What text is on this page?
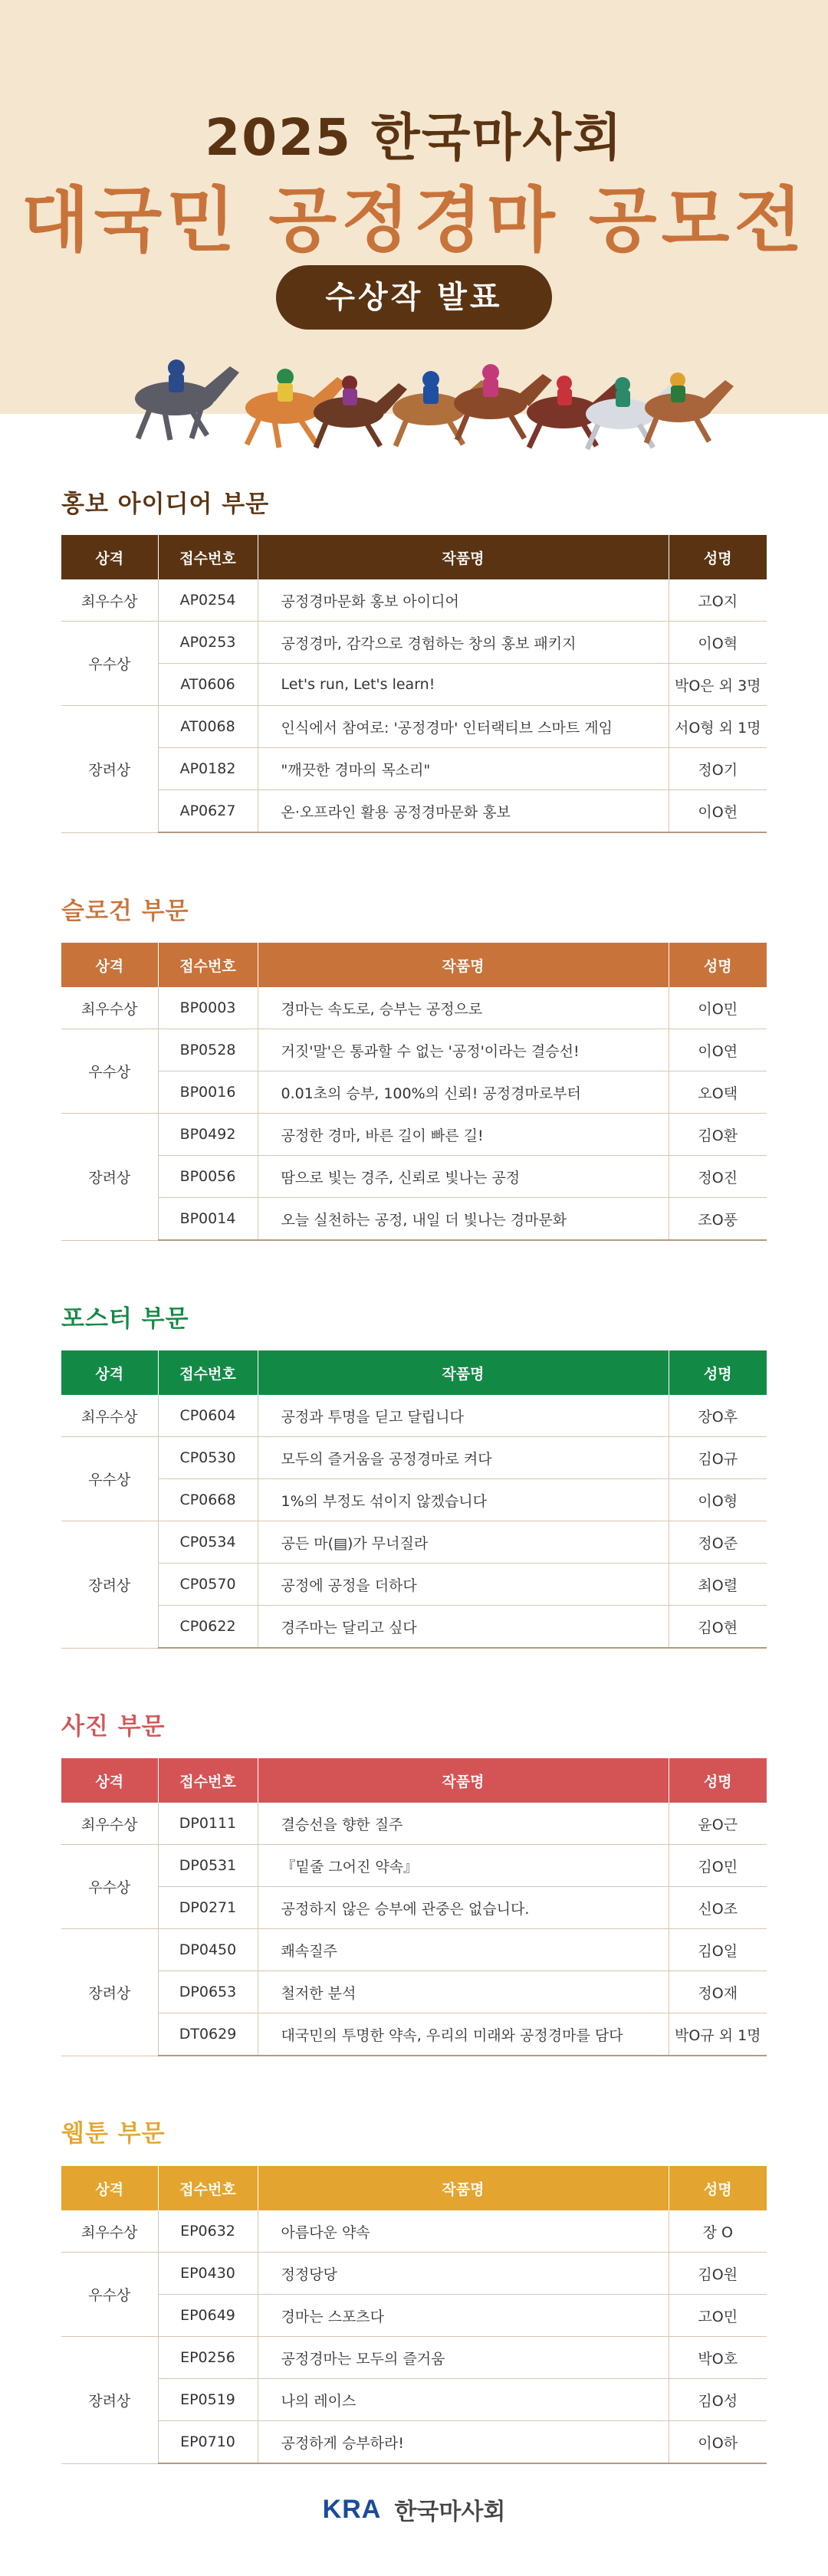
2025 한국마사회
대국민 공정경마 공모전
수상작 발표
홍보 아이디어 부문
상격	접수번호	작품명	성명
최우수상	AP0254	공정경마문화 홍보 아이디어	고O지
우수상	AP0253	공정경마, 감각으로 경험하는 창의 홍보 패키지	이O혁
	AT0606	Let's run, Let's learn!	박O은 외 3명
장려상	AT0068	인식에서 참여로: '공정경마' 인터랙티브 스마트 게임	서O형 외 1명
	AP0182	"깨끗한 경마의 목소리"	정O기
	AP0627	온·오프라인 활용 공정경마문화 홍보	이O헌
슬로건 부문
상격	접수번호	작품명	성명
최우수상	BP0003	경마는 속도로, 승부는 공정으로	이O민
우수상	BP0528	거짓'말'은 통과할 수 없는 '공정'이라는 결승선!	이O연
	BP0016	0.01초의 승부, 100%의 신뢰! 공정경마로부터	오O택
장려상	BP0492	공정한 경마, 바른 길이 빠른 길!	김O환
	BP0056	땀으로 빛는 경주, 신뢰로 빛나는 공정	정O진
	BP0014	오늘 실천하는 공정, 내일 더 빛나는 경마문화	조O풍
포스터 부문
상격	접수번호	작품명	성명
최우수상	CP0604	공정과 투명을 딛고 달립니다	장O후
우수상	CP0530	모두의 즐거움을 공정경마로 켜다	김O규
	CP0668	1%의 부정도 섞이지 않겠습니다	이O형
장려상	CP0534	공든 마(▤)가 무너질라	정O준
	CP0570	공정에 공정을 더하다	최O렬
	CP0622	경주마는 달리고 싶다	김O현
사진 부문
상격	접수번호	작품명	성명
최우수상	DP0111	결승선을 향한 질주	윤O근
우수상	DP0531	『밑줄 그어진 약속』	김O민
	DP0271	공정하지 않은 승부에 관중은 없습니다.	신O조
장려상	DP0450	쾌속질주	김O일
	DP0653	철저한 분석	정O재
	DT0629	대국민의 투명한 약속, 우리의 미래와 공정경마를 담다	박O규 외 1명
웹툰 부문
상격	접수번호	작품명	성명
최우수상	EP0632	아름다운 약속	장 O
우수상	EP0430	정정당당	김O원
	EP0649	경마는 스포츠다	고O민
장려상	EP0256	공정경마는 모두의 즐거움	박O호
	EP0519	나의 레이스	김O성
	EP0710	공정하게 승부하라!	이O하
KRA 한국마사회
